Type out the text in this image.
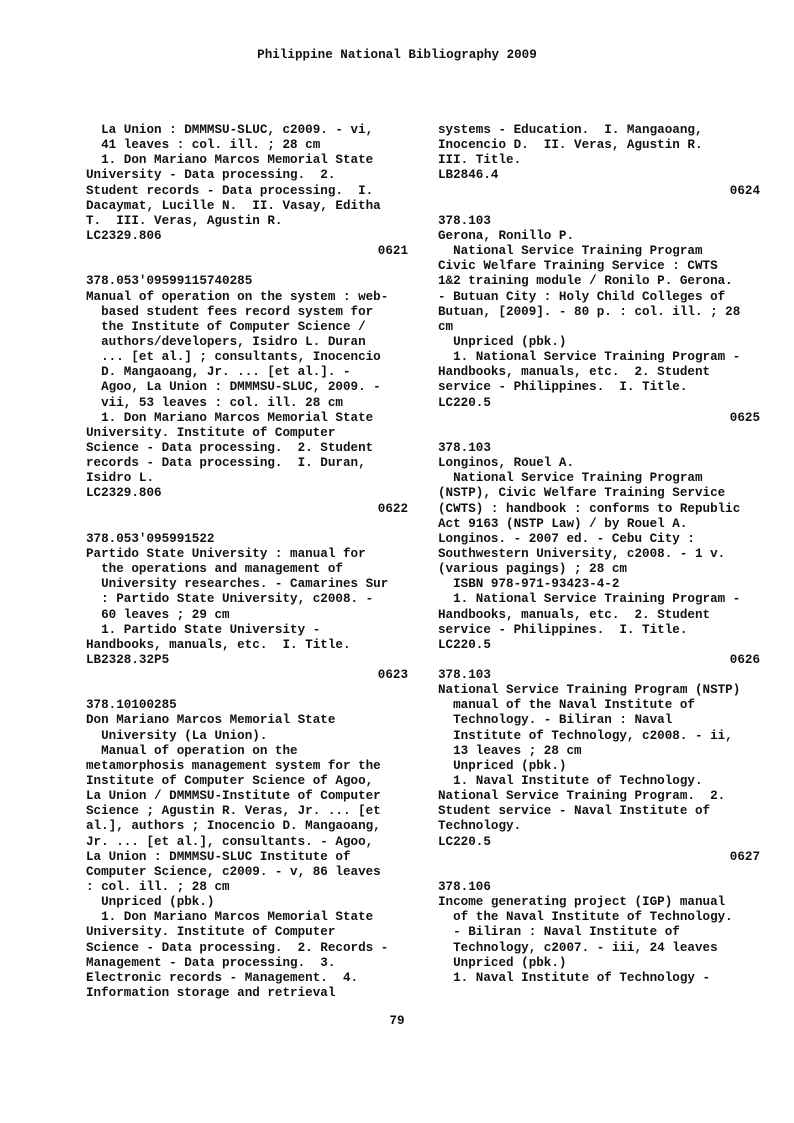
Philippine National Bibliography 2009
La Union : DMMMSU-SLUC, c2009. - vi,
41 leaves : col. ill. ; 28 cm
1. Don Mariano Marcos Memorial State
University - Data processing.  2.
Student records - Data processing.  I.
Dacaymat, Lucille N.  II. Vasay, Editha
T.  III. Veras, Agustin R.
LC2329.806
0621
378.053'09599115740285
Manual of operation on the system : web-
based student fees record system for
the Institute of Computer Science /
authors/developers, Isidro L. Duran
... [et al.] ; consultants, Inocencio
D. Mangaoang, Jr. ... [et al.]. -
Agoo, La Union : DMMMSU-SLUC, 2009. -
vii, 53 leaves : col. ill. 28 cm
1. Don Mariano Marcos Memorial State
University. Institute of Computer
Science - Data processing.  2. Student
records - Data processing.  I. Duran,
Isidro L.
LC2329.806
0622
378.053'095991522
Partido State University : manual for
the operations and management of
University researches. - Camarines Sur
: Partido State University, c2008. -
60 leaves ; 29 cm
1. Partido State University -
Handbooks, manuals, etc.  I. Title.
LB2328.32P5
0623
378.10100285
Don Mariano Marcos Memorial State
University (La Union).
Manual of operation on the
metamorphosis management system for the
Institute of Computer Science of Agoo,
La Union / DMMMSU-Institute of Computer
Science ; Agustin R. Veras, Jr. ... [et
al.], authors ; Inocencio D. Mangaoang,
Jr. ... [et al.], consultants. - Agoo,
La Union : DMMMSU-SLUC Institute of
Computer Science, c2009. - v, 86 leaves
: col. ill. ; 28 cm
Unpriced (pbk.)
1. Don Mariano Marcos Memorial State
University. Institute of Computer
Science - Data processing.  2. Records -
Management - Data processing.  3.
Electronic records - Management.  4.
Information storage and retrieval
systems - Education.  I. Mangaoang,
Inocencio D.  II. Veras, Agustin R.
III. Title.
LB2846.4
0624
378.103
Gerona, Ronillo P.
National Service Training Program
Civic Welfare Training Service : CWTS
1&2 training module / Ronilo P. Gerona.
- Butuan City : Holy Child Colleges of
Butuan, [2009]. - 80 p. : col. ill. ; 28
cm
Unpriced (pbk.)
1. National Service Training Program -
Handbooks, manuals, etc.  2. Student
service - Philippines.  I. Title.
LC220.5
0625
378.103
Longinos, Rouel A.
National Service Training Program
(NSTP), Civic Welfare Training Service
(CWTS) : handbook : conforms to Republic
Act 9163 (NSTP Law) / by Rouel A.
Longinos. - 2007 ed. - Cebu City :
Southwestern University, c2008. - 1 v.
(various pagings) ; 28 cm
ISBN 978-971-93423-4-2
1. National Service Training Program -
Handbooks, manuals, etc.  2. Student
service - Philippines.  I. Title.
LC220.5
0626
378.103
National Service Training Program (NSTP)
manual of the Naval Institute of
Technology. - Biliran : Naval
Institute of Technology, c2008. - ii,
13 leaves ; 28 cm
Unpriced (pbk.)
1. Naval Institute of Technology.
National Service Training Program.  2.
Student service - Naval Institute of
Technology.
LC220.5
0627
378.106
Income generating project (IGP) manual
of the Naval Institute of Technology.
- Biliran : Naval Institute of
Technology, c2007. - iii, 24 leaves
Unpriced (pbk.)
1. Naval Institute of Technology -
79
